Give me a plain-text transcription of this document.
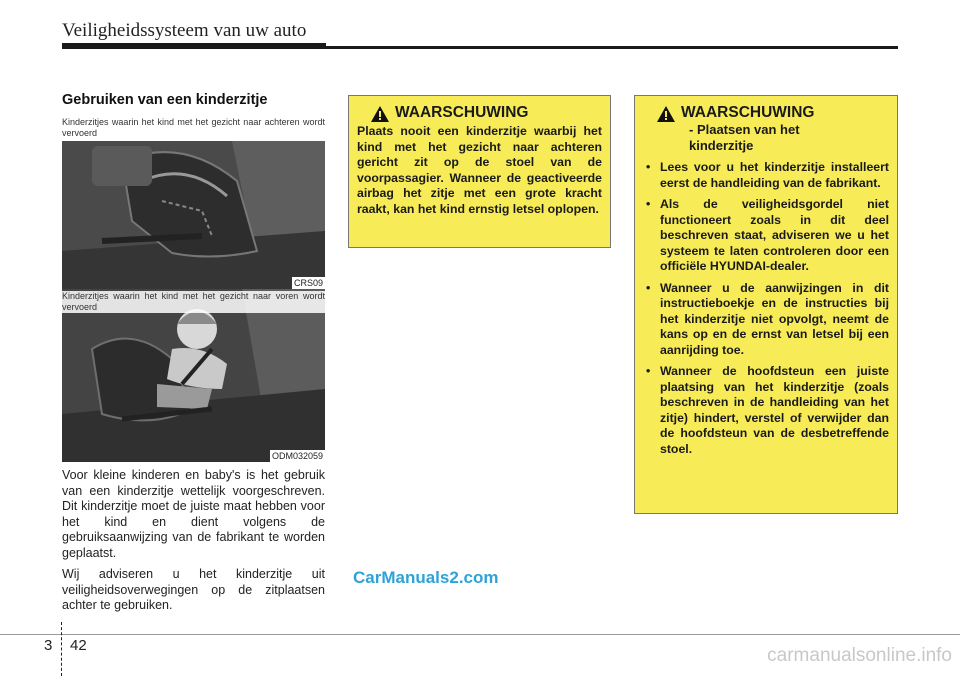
Veiligheidssysteem van uw auto
Gebruiken van een kinderzitje
Kinderzitjes waarin het kind met het gezicht naar achteren wordt vervoerd
CRS09
ODM032059
Kinderzitjes waarin het kind met het gezicht naar voren wordt vervoerd

Voor kleine kinderen en baby's is het gebruik van een kinderzitje wettelijk voorgeschreven. Dit kinderzitje moet de juiste maat hebben voor het kind en dient volgens de gebruiksaanwijzing van de fabrikant te worden geplaatst.

Wij adviseren u het kinderzitje uit veiligheidsoverwegingen op de zitplaatsen achter te gebruiken.

WAARSCHUWING
Plaats nooit een kinderzitje waarbij het kind met het gezicht naar achteren gericht zit op de stoel van de voorpassagier. Wanneer de geactiveerde airbag het zitje met een grote kracht raakt, kan het kind ernstig letsel oplopen.
WAARSCHUWING
- Plaatsen van het kinderzitje
• Lees voor u het kinderzitje installeert eerst de handleiding van de fabrikant.
• Als de veiligheidsgordel niet functioneert zoals in dit deel beschreven staat, adviseren we u het systeem te laten controleren door een officiële HYUNDAI-dealer.
• Wanneer u de aanwijzingen in dit instructieboekje en de instructies bij het kinderzitje niet opvolgt, neemt de kans op en de ernst van letsel bij een aanrijding toe.
• Wanneer de hoofdsteun een juiste plaatsing van het kinderzitje (zoals beschreven in de handleiding van het zitje) hindert, verstel of verwijder dan de hoofdsteun van de desbetreffende stoel.
CarManuals2.com
3 42	carmanualsonline.info
